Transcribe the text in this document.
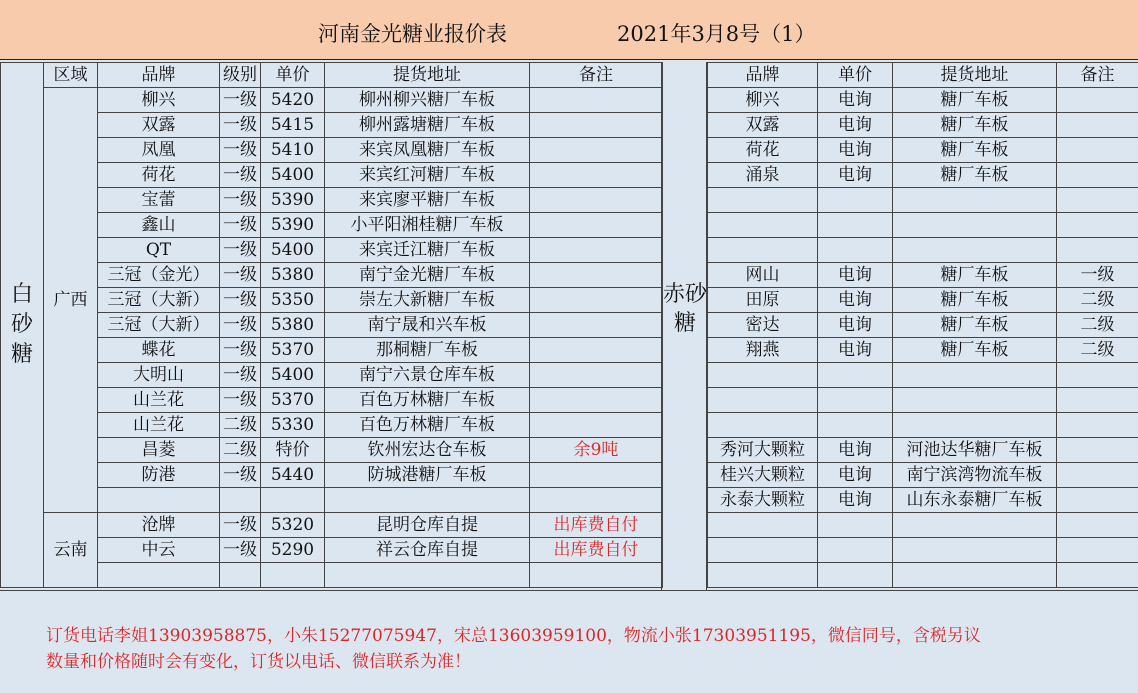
河南金光糖业报价表	2021年3月8号（1）
白砂糖	区域	品牌	级别	单价	提货地址	备注
	广西	柳兴	一级	5420	柳州柳兴糖厂车板	
		双露	一级	5415	柳州露塘糖厂车板	
		凤凰	一级	5410	来宾凤凰糖厂车板	
		荷花	一级	5400	来宾红河糖厂车板	
		宝蕾	一级	5390	来宾廖平糖厂车板	
		鑫山	一级	5390	小平阳湘桂糖厂车板	
		QT	一级	5400	来宾迁江糖厂车板	
		三冠（金光）	一级	5380	南宁金光糖厂车板	
		三冠（大新）	一级	5350	崇左大新糖厂车板	
		三冠（大新）	一级	5380	南宁晟和兴车板	
		蝶花	一级	5370	那桐糖厂车板	
		大明山	一级	5400	南宁六景仓库车板	
		山兰花	一级	5370	百色万林糖厂车板	
		山兰花	二级	5330	百色万林糖厂车板	
		昌菱	二级	特价	钦州宏达仓车板	余9吨
		防港	一级	5440	防城港糖厂车板	

	云南	沧牌	一级	5320	昆明仓库自提	出库费自付
		中云	一级	5290	祥云仓库自提	出库费自付

赤砂糖
品牌	单价	提货地址	备注
柳兴	电询	糖厂车板	
双露	电询	糖厂车板	
荷花	电询	糖厂车板	
涌泉	电询	糖厂车板	

网山	电询	糖厂车板	一级
田原	电询	糖厂车板	二级
密达	电询	糖厂车板	二级
翔燕	电询	糖厂车板	二级

秀河大颗粒	电询	河池达华糖厂车板	
桂兴大颗粒	电询	南宁滨湾物流车板	
永泰大颗粒	电询	山东永泰糖厂车板	

订货电话李姐13903958875，小朱15277075947，宋总13603959100，物流小张17303951195，微信同号，含税另议
数量和价格随时会有变化，订货以电话、微信联系为准！
